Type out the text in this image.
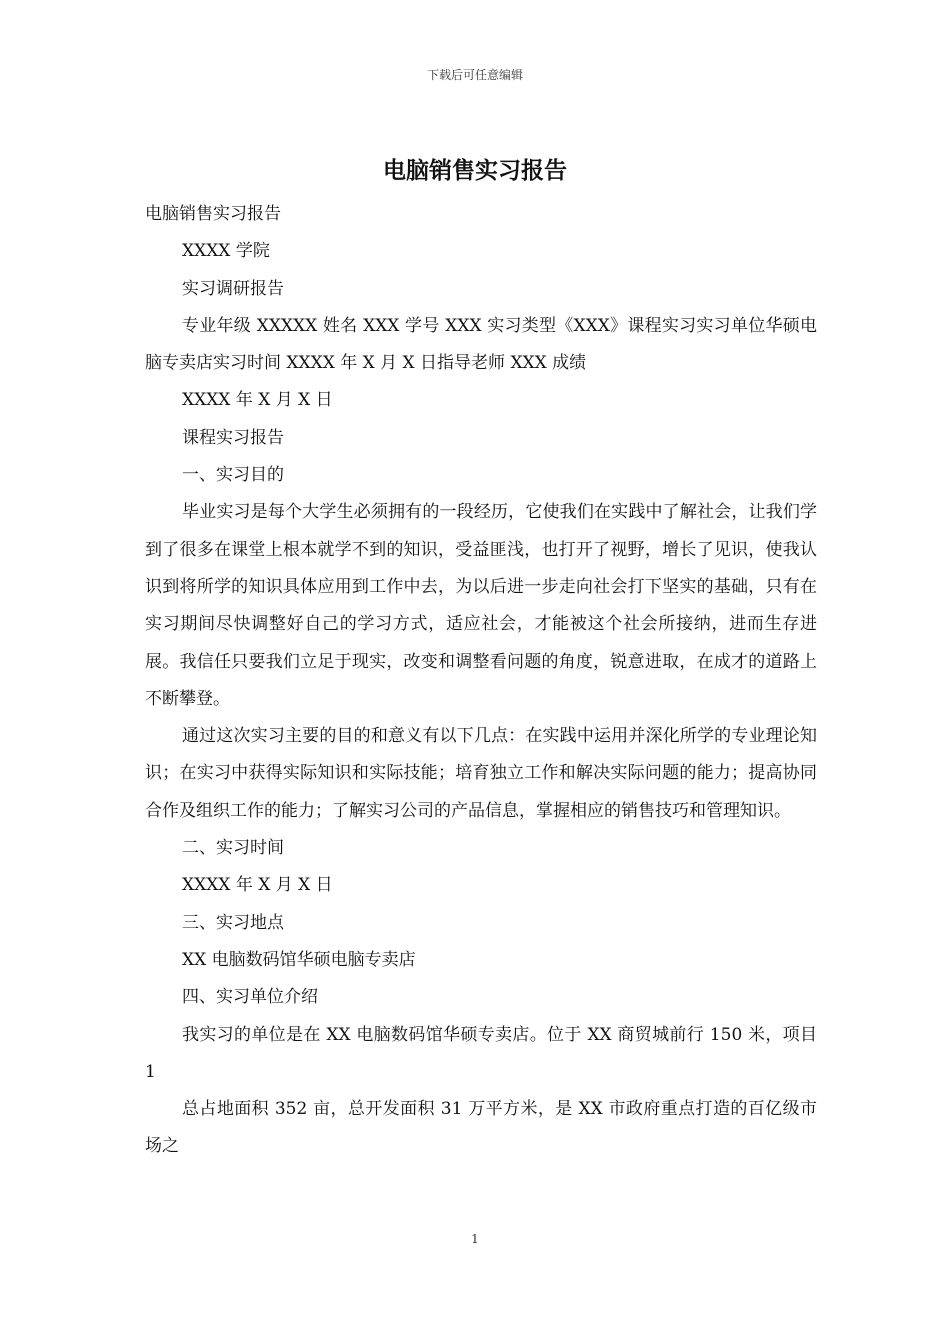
下载后可任意编辑
电脑销售实习报告

电脑销售实习报告

XXXX 学院

实习调研报告

专业年级 XXXXX 姓名 XXX 学号 XXX 实习类型《XXX》课程实习实习单位华硕电脑专卖店实习时间 XXXX 年 X 月 X 日指导老师 XXX 成绩

XXXX 年 X 月 X 日

课程实习报告

一、实习目的

毕业实习是每个大学生必须拥有的一段经历，它使我们在实践中了解社会，让我们学到了很多在课堂上根本就学不到的知识，受益匪浅，也打开了视野，增长了见识，使我认识到将所学的知识具体应用到工作中去，为以后进一步走向社会打下坚实的基础，只有在实习期间尽快调整好自己的学习方式，适应社会，才能被这个社会所接纳，进而生存进展。我信任只要我们立足于现实，改变和调整看问题的角度，锐意进取，在成才的道路上不断攀登。

通过这次实习主要的目的和意义有以下几点：在实践中运用并深化所学的专业理论知识；在实习中获得实际知识和实际技能；培育独立工作和解决实际问题的能力；提高协同合作及组织工作的能力；了解实习公司的产品信息，掌握相应的销售技巧和管理知识。

二、实习时间

XXXX 年 X 月 X 日

三、实习地点

XX 电脑数码馆华硕电脑专卖店

四、实习单位介绍

我实习的单位是在 XX 电脑数码馆华硕专卖店。位于 XX 商贸城前行 150 米，项目 1

总占地面积 352 亩，总开发面积 31 万平方米，是 XX 市政府重点打造的百亿级市场之

1
